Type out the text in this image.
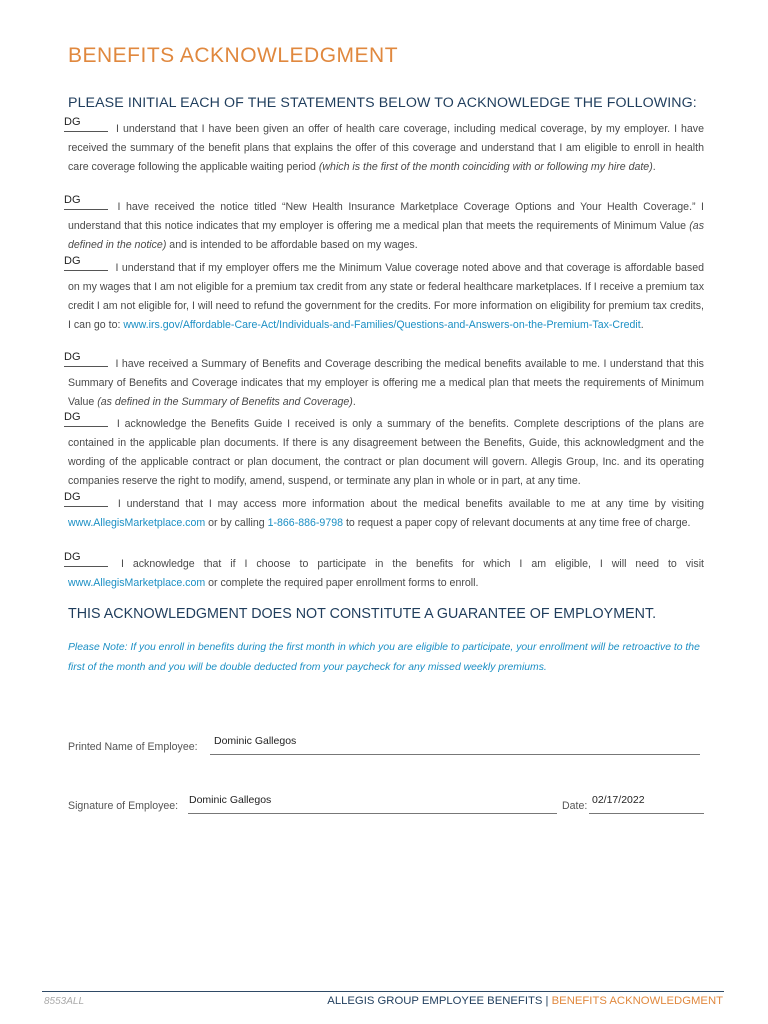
BENEFITS ACKNOWLEDGMENT
PLEASE INITIAL EACH OF THE STATEMENTS BELOW TO ACKNOWLEDGE THE FOLLOWING:
DG
I understand that I have been given an offer of health care coverage, including medical coverage, by my employer. I have received the summary of the benefit plans that explains the offer of this coverage and understand that I am eligible to enroll in health care coverage following the applicable waiting period (which is the first of the month coinciding with or following my hire date).
DG
I have received the notice titled “New Health Insurance Marketplace Coverage Options and Your Health Coverage.” I understand that this notice indicates that my employer is offering me a medical plan that meets the requirements of Minimum Value (as defined in the notice) and is intended to be affordable based on my wages.
DG
I understand that if my employer offers me the Minimum Value coverage noted above and that coverage is affordable based on my wages that I am not eligible for a premium tax credit from any state or federal healthcare marketplaces. If I receive a premium tax credit I am not eligible for, I will need to refund the government for the credits. For more information on eligibility for premium tax credits, I can go to: www.irs.gov/Affordable-Care-Act/Individuals-and-Families/Questions-and-Answers-on-the-Premium-Tax-Credit.
DG
I have received a Summary of Benefits and Coverage describing the medical benefits available to me. I understand that this Summary of Benefits and Coverage indicates that my employer is offering me a medical plan that meets the requirements of Minimum Value (as defined in the Summary of Benefits and Coverage).
DG
I acknowledge the Benefits Guide I received is only a summary of the benefits. Complete descriptions of the plans are contained in the applicable plan documents. If there is any disagreement between the Benefits, Guide, this acknowledgment and the wording of the applicable contract or plan document, the contract or plan document will govern. Allegis Group, Inc. and its operating companies reserve the right to modify, amend, suspend, or terminate any plan in whole or in part, at any time.
DG
I understand that I may access more information about the medical benefits available to me at any time by visiting www.AllegisMarketplace.com or by calling 1-866-886-9798 to request a paper copy of relevant documents at any time free of charge.
DG
I acknowledge that if I choose to participate in the benefits for which I am eligible, I will need to visit www.AllegisMarketplace.com or complete the required paper enrollment forms to enroll.
THIS ACKNOWLEDGMENT DOES NOT CONSTITUTE A GUARANTEE OF EMPLOYMENT.
Please Note: If you enroll in benefits during the first month in which you are eligible to participate, your enrollment will be retroactive to the first of the month and you will be double deducted from your paycheck for any missed weekly premiums.
Printed Name of Employee: Dominic Gallegos
Signature of Employee: Dominic Gallegos	Date: 02/17/2022
8553ALL	ALLEGIS GROUP EMPLOYEE BENEFITS | BENEFITS ACKNOWLEDGMENT
